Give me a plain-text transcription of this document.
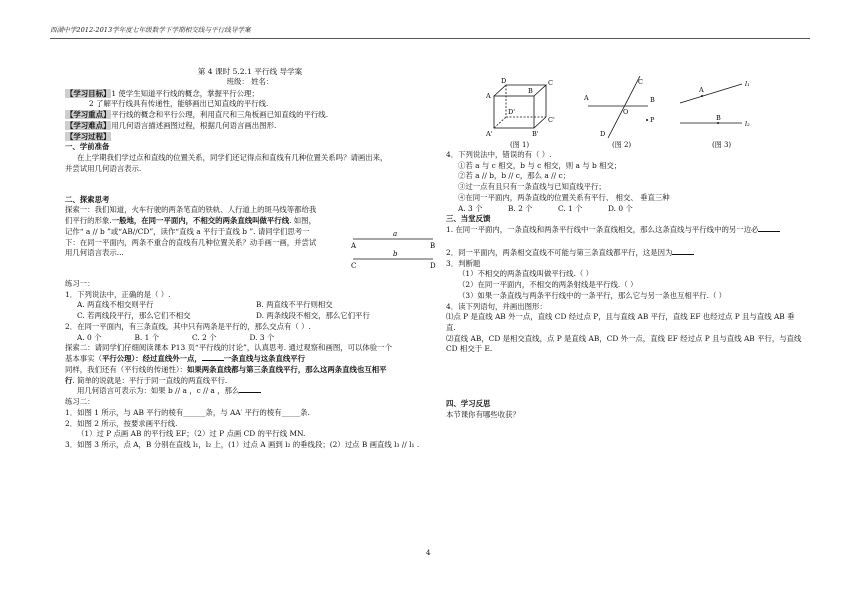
西湖中学2012-2013学年度七年级数学下学期相交线与平行线导学案

第 4 课时 5.2.1 平行线 导学案

班级： 姓名：

【学习目标】1 使学生知道平行线的概念，掌握平行公理；

2 了解平行线具有传递性，能够画出已知直线的平行线.

【学习重点】平行线的概念和平行公理，利用直尺和三角板画已知直线的平行线.

【学习难点】用几何语言描述画图过程，根据几何语言画出图形.

【学习过程】

一、学前准备

在上学期我们学过点和直线的位置关系，同学们还记得点和直线有几种位置关系吗？请画出来，

并尝试用几何语言表示.

二、探索思考

探索一：我们知道，火车行驶的两条笔直的铁轨、人行道上的斑马线等都给我

们平行的形象.一般地，在同一平面内，不相交的两条直线叫做平行线. 如图，

记作“ a // b ”或“AB//CD”，读作“直线 a 平行于直线 b ”. 请同学们思考一

下：在同一平面内，两条不重合的直线有几种位置关系？动手画一画，并尝试

用几何语言表示...

练习一：

1．下列说法中，正确的是（ ）.

A. 两直线不相交则平行	B. 两直线不平行则相交
C. 若两线段平行，那么它们不相交	D. 两条线段不相交，那么它们平行

2．在同一平面内，有三条直线，其中只有两条是平行的，那么交点有（ ）.

A. 0 个	B. 1 个	C. 2 个	D. 3 个

探索二：请同学们仔细阅读课本 P13 页“平行线的讨论”，认真思考. 通过观察和画图，可以体验一个

基本事实（平行公理）：经过直线外一点，	一条直线与这条直线平行

同样，我们还有（平行线的传递性）：如果两条直线都与第三条直线平行，那么这两条直线也互相平

行. 简单的说就是：平行于同一直线的两直线平行.

用几何语言可表示为：如果 b // a ，c // a ，那么

练习二：

1．如图 1 所示，与 AB 平行的棱有______条，与 AA′ 平行的棱有_____条.

2．如图 2 所示，按要求画平行线.

（1）过 P 点画 AB 的平行线 EF；（2）过 P 点画 CD 的平行线 MN.

3．如图 3 所示，点 A，B 分别在直线 l₁，l₂ 上，(1）过点 A 画到 l₂ 的垂线段；(2）过点 B 画直线 l₃ // l₁ .

a
b
A	B
C	D
A
B
C
D
A'	B'
C'
D'
A
C
O
B
D
P
A
B
l₁
l₂
(图 1)	(图 2)	(图 3)

4．下列说法中，错误的有（ ）.

①若 a 与 c 相交，b 与 c 相交，则 a 与 b 相交；

②若 a // b，b // c，那么 a // c；

③过一点有且只有一条直线与已知直线平行；

④在同一平面内，两条直线的位置关系有平行、 相交、 垂直三种

A. 3 个	B. 2 个	C. 1 个	D. 0 个

三、当堂反馈

1. 在同一平面内，一条直线和两条平行线中一条直线相交，那么这条直线与平行线中的另一边必

2．同一平面内，两条相交直线不可能与第三条直线都平行，这是因为

3．判断题

（1）不相交的两条直线叫做平行线.（ ）

（2）在同一平面内，不相交的两条射线是平行线.（ ）

（3）如果一条直线与两条平行线中的一条平行，那么它与另一条也互相平行.（ ）

4．读下列语句，并画出图形：

⑴点 P 是直线 AB 外一点，直线 CD 经过点 P，且与直线 AB 平行，直线 EF 也经过点 P 且与直线 AB 垂

直.

⑵直线 AB，CD 是相交直线，点 P 是直线 AB，CD 外一点，直线 EF 经过点 P 且与直线 AB 平行，与直线

CD 相交于 E.

四、学习反思

本节课你有哪些收获？

4
